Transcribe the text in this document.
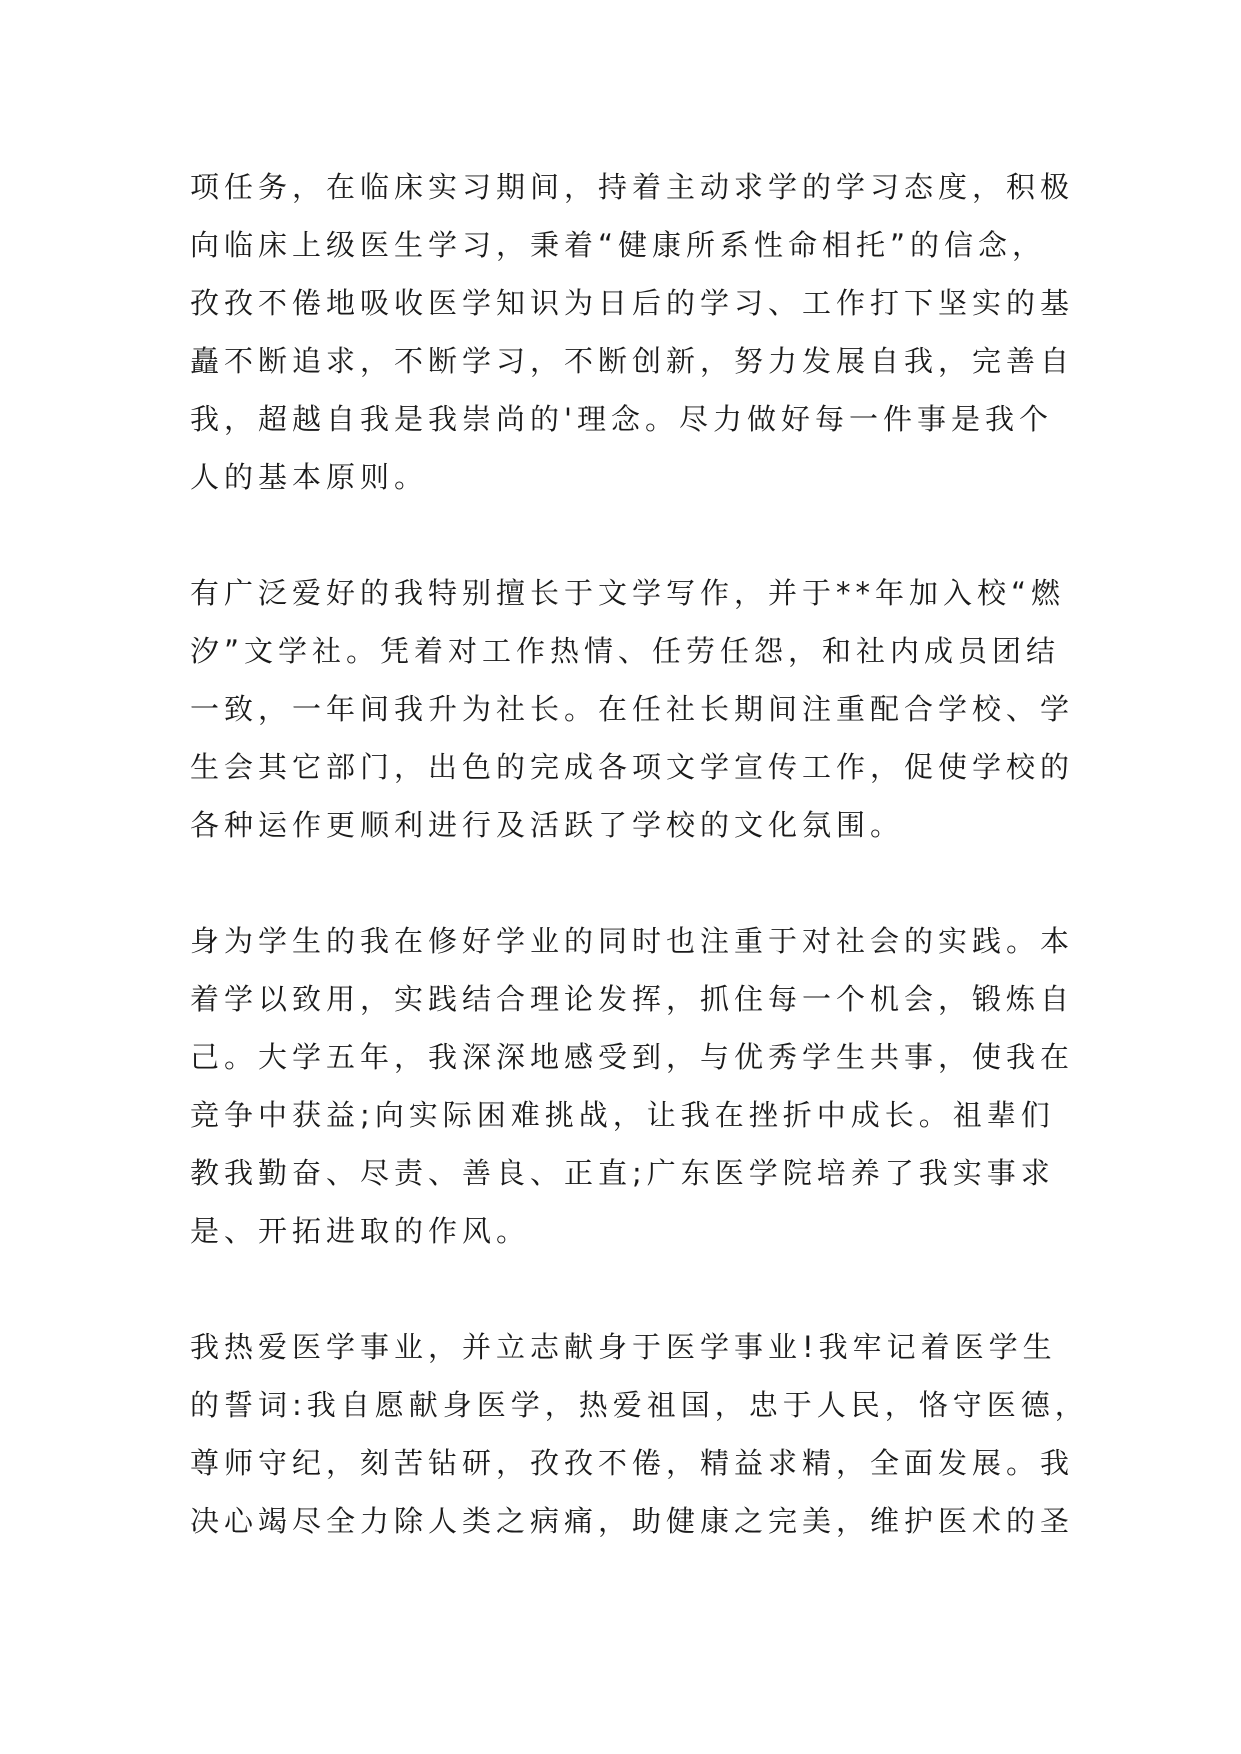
项任务，在临床实习期间，持着主动求学的学习态度，积极
向临床上级医生学习，秉着“健康所系性命相托”的信念，
孜孜不倦地吸收医学知识为日后的学习、工作打下坚实的基
矗不断追求，不断学习，不断创新，努力发展自我，完善自
我，超越自我是我崇尚的'理念。尽力做好每一件事是我个
人的基本原则。
有广泛爱好的我特别擅长于文学写作，并于**年加入校“燃
汐”文学社。凭着对工作热情、任劳任怨，和社内成员团结
一致，一年间我升为社长。在任社长期间注重配合学校、学
生会其它部门，出色的完成各项文学宣传工作，促使学校的
各种运作更顺利进行及活跃了学校的文化氛围。
身为学生的我在修好学业的同时也注重于对社会的实践。本
着学以致用，实践结合理论发挥，抓住每一个机会，锻炼自
己。大学五年，我深深地感受到，与优秀学生共事，使我在
竞争中获益;向实际困难挑战，让我在挫折中成长。祖辈们
教我勤奋、尽责、善良、正直;广东医学院培养了我实事求
是、开拓进取的作风。
我热爱医学事业，并立志献身于医学事业!我牢记着医学生
的誓词:我自愿献身医学，热爱祖国，忠于人民，恪守医德，
尊师守纪，刻苦钻研，孜孜不倦，精益求精，全面发展。我
决心竭尽全力除人类之病痛，助健康之完美，维护医术的圣
